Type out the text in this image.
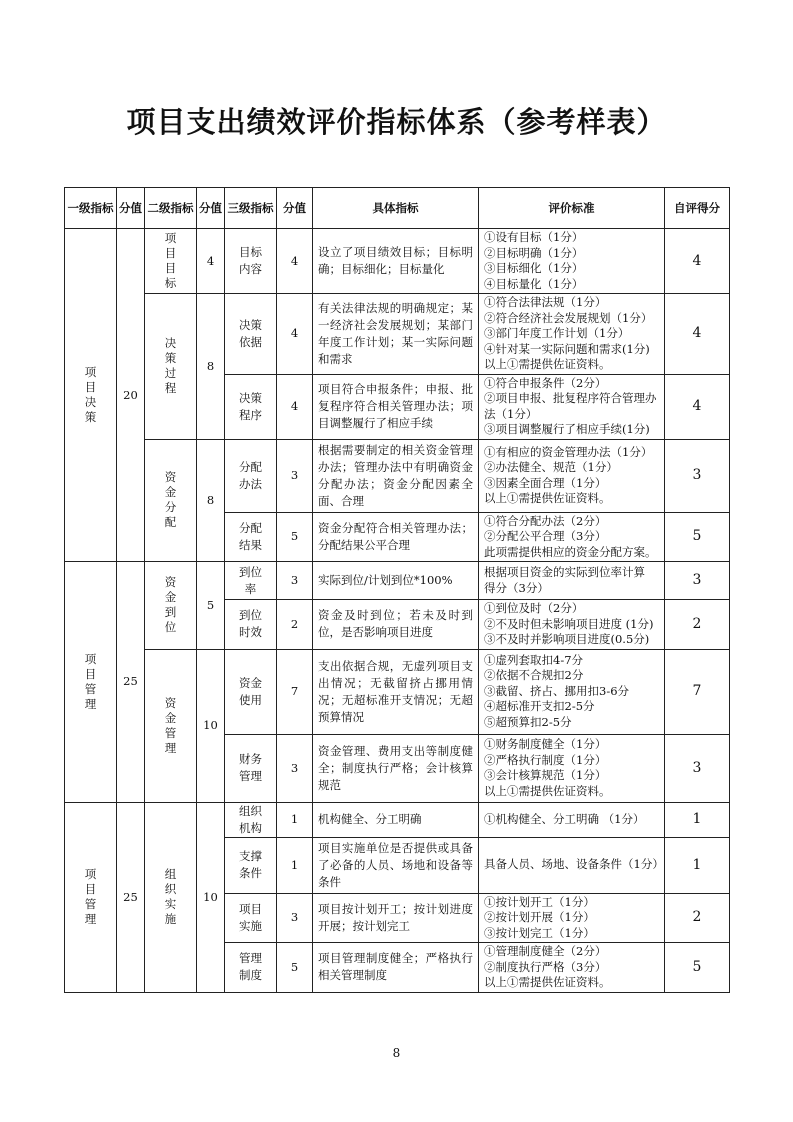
项目支出绩效评价指标体系（参考样表）
一级指标	分值	二级指标	分值	三级指标	分值	具体指标	评价标准	自评得分
项目决策	20	项目目标	4	目标内容	4	设立了项目绩效目标；目标明确；目标细化；目标量化	①设有目标（1分）
②目标明确（1分）
③目标细化（1分）
④目标量化（1分）	4
		决策过程	8	决策依据	4	有关法律法规的明确规定；某一经济社会发展规划；某部门年度工作计划；某一实际问题和需求	①符合法律法规（1分）
②符合经济社会发展规划（1分）
③部门年度工作计划（1分）
④针对某一实际问题和需求(1分)
以上①需提供佐证资料。	4
				决策程序	4	项目符合申报条件；申报、批复程序符合相关管理办法；项目调整履行了相应手续	①符合申报条件（2分）
②项目申报、批复程序符合管理办
法（1分）
③项目调整履行了相应手续(1分)	4
		资金分配	8	分配办法	3	根据需要制定的相关资金管理办法；管理办法中有明确资金分配办法；资金分配因素全面、合理	①有相应的资金管理办法（1分）
②办法健全、规范（1分）
③因素全面合理（1分）
以上①需提供佐证资料。	3
				分配结果	5	资金分配符合相关管理办法；分配结果公平合理	①符合分配办法（2分）
②分配公平合理（3分）
此项需提供相应的资金分配方案。	5
项目管理	25	资金到位	5	到位率	3	实际到位/计划到位*100%	根据项目资金的实际到位率计算
得分（3分）	3
				到位时效	2	资金及时到位；若未及时到位，是否影响项目进度	①到位及时（2分）
②不及时但未影响项目进度 (1分)
③不及时并影响项目进度(0.5分)	2
		资金管理	10	资金使用	7	支出依据合规，无虚列项目支出情况；无截留挤占挪用情况；无超标准开支情况；无超预算情况	①虚列套取扣4-7分
②依据不合规扣2分
③截留、挤占、挪用扣3-6分
④超标准开支扣2-5分
⑤超预算扣2-5分	7
				财务管理	3	资金管理、费用支出等制度健全；制度执行严格；会计核算规范	①财务制度健全（1分）
②严格执行制度（1分）
③会计核算规范（1分）
以上①需提供佐证资料。	3
项目管理	25	组织实施	10	组织机构	1	机构健全、分工明确	①机构健全、分工明确 （1分）	1
				支撑条件	1	项目实施单位是否提供或具备了必备的人员、场地和设备等条件	具备人员、场地、设备条件（1分）	1
				项目实施	3	项目按计划开工；按计划进度开展；按计划完工	①按计划开工（1分）
②按计划开展（1分）
③按计划完工（1分）	2
				管理制度	5	项目管理制度健全；严格执行相关管理制度	①管理制度健全（2分）
②制度执行严格（3分）
以上①需提供佐证资料。	5
8
